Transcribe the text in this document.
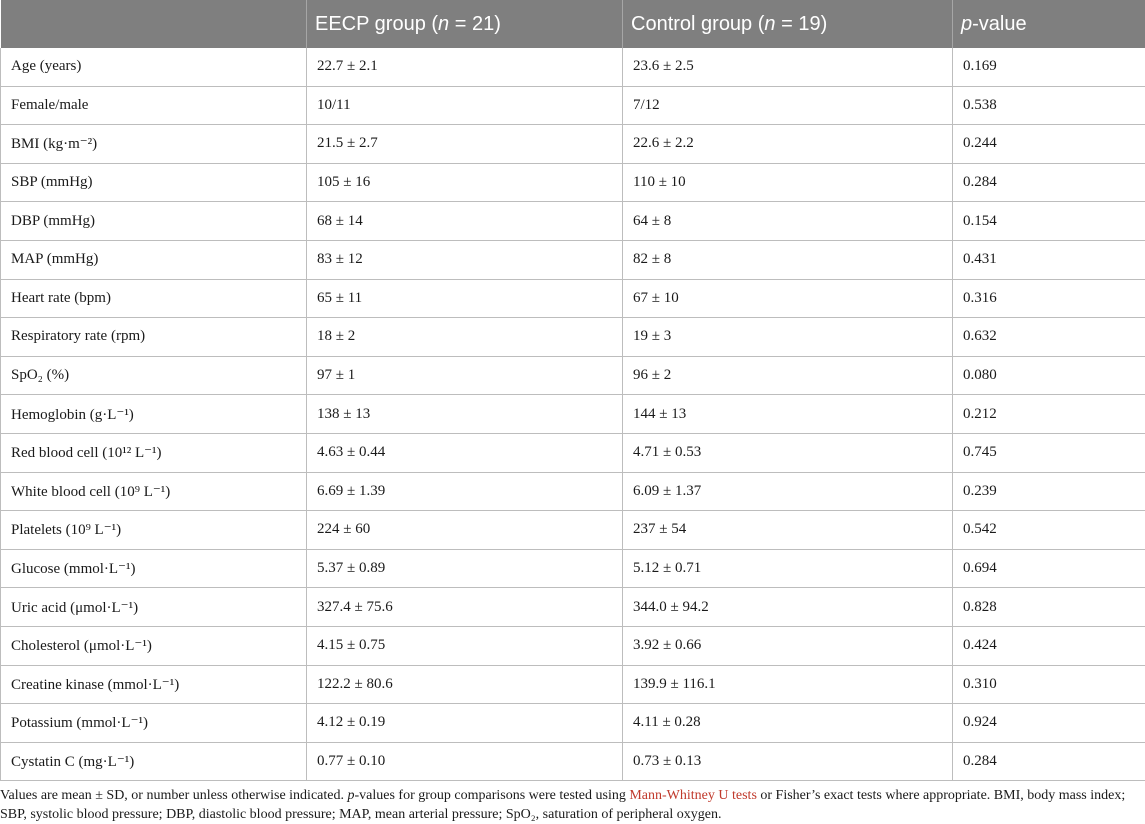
	EECP group (n = 21)	Control group (n = 19)	p-value
Age (years)	22.7 ± 2.1	23.6 ± 2.5	0.169
Female/male	10/11	7/12	0.538
BMI (kg·m⁻²)	21.5 ± 2.7	22.6 ± 2.2	0.244
SBP (mmHg)	105 ± 16	110 ± 10	0.284
DBP (mmHg)	68 ± 14	64 ± 8	0.154
MAP (mmHg)	83 ± 12	82 ± 8	0.431
Heart rate (bpm)	65 ± 11	67 ± 10	0.316
Respiratory rate (rpm)	18 ± 2	19 ± 3	0.632
SpO₂ (%)	97 ± 1	96 ± 2	0.080
Hemoglobin (g·L⁻¹)	138 ± 13	144 ± 13	0.212
Red blood cell (10¹² L⁻¹)	4.63 ± 0.44	4.71 ± 0.53	0.745
White blood cell (10⁹ L⁻¹)	6.69 ± 1.39	6.09 ± 1.37	0.239
Platelets (10⁹ L⁻¹)	224 ± 60	237 ± 54	0.542
Glucose (mmol·L⁻¹)	5.37 ± 0.89	5.12 ± 0.71	0.694
Uric acid (μmol·L⁻¹)	327.4 ± 75.6	344.0 ± 94.2	0.828
Cholesterol (μmol·L⁻¹)	4.15 ± 0.75	3.92 ± 0.66	0.424
Creatine kinase (mmol·L⁻¹)	122.2 ± 80.6	139.9 ± 116.1	0.310
Potassium (mmol·L⁻¹)	4.12 ± 0.19	4.11 ± 0.28	0.924
Cystatin C (mg·L⁻¹)	0.77 ± 0.10	0.73 ± 0.13	0.284
Values are mean ± SD, or number unless otherwise indicated. p-values for group comparisons were tested using Mann-Whitney U tests or Fisher’s exact tests where appropriate. BMI, body mass index; SBP, systolic blood pressure; DBP, diastolic blood pressure; MAP, mean arterial pressure; SpO₂, saturation of peripheral oxygen.
